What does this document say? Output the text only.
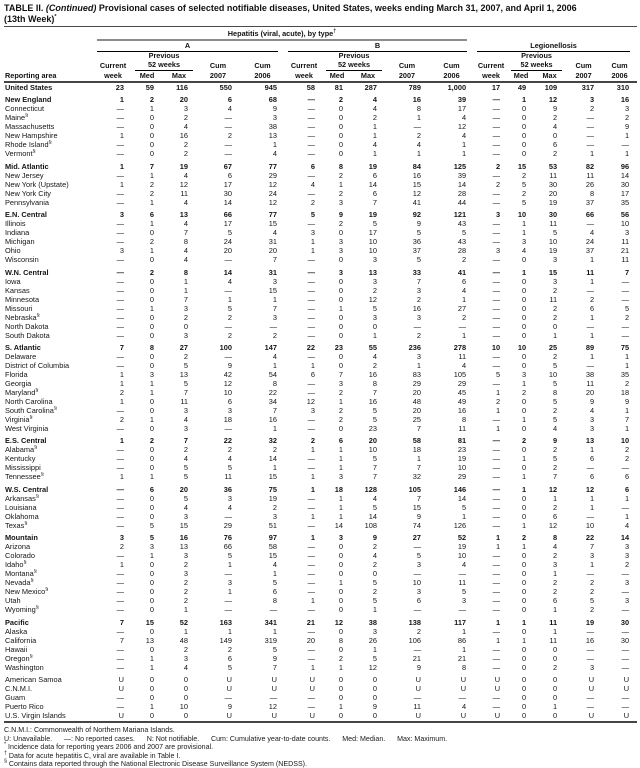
TABLE II. (Continued) Provisional cases of selected notifiable diseases, United States, weeks ending March 31, 2007, and April 1, 2006
(13th Week)*

	Hepatitis (viral, acute), by type†

	A					B					Legionellosis				

		Previous					Previous					Previous			
	Current	52 weeks		Cum	Cum	Current	52 weeks		Cum	Cum	Current	52 weeks		Cum	Cum
Reporting area	week	Med	Max	2007	2006	week	Med	Max	2007	2006	week	Med	Max	2007	2006
United States	23	59	116	550	945	58	81	287	789	1,000	17	49	109	317	310
New England	1	2	20	6	68	—	2	4	16	39	—	1	12	3	16
Connecticut	—	1	3	4	9	—	0	4	8	17	—	0	9	2	3
Maine§	—	0	2	—	3	—	0	2	1	4	—	0	2	—	2
Massachusetts	—	0	4	—	38	—	0	1	—	12	—	0	4	—	9
New Hampshire	1	0	16	2	13	—	0	1	2	4	—	0	0	—	1
Rhode Island§	—	0	2	—	1	—	0	4	4	1	—	0	6	—	—
Vermont§	—	0	2	—	4	—	0	1	1	1	—	0	2	1	1
Mid. Atlantic	1	7	19	67	77	6	8	19	84	125	2	15	53	82	96
New Jersey	—	1	4	6	29	—	2	6	16	39	—	2	11	11	14
New York (Upstate)	1	2	12	17	12	4	1	14	15	14	2	5	30	26	30
New York City	—	2	11	30	24	—	2	6	12	28	—	2	20	8	17
Pennsylvania	—	1	4	14	12	2	3	7	41	44	—	5	19	37	35
E.N. Central	3	6	13	66	77	5	9	19	92	121	3	10	30	66	56
Illinois	—	1	4	17	15	—	2	5	9	43	—	1	11	—	10
Indiana	—	0	7	5	4	3	0	17	5	5	—	1	5	4	3
Michigan	—	2	8	24	31	1	3	10	36	43	—	3	10	24	11
Ohio	3	1	4	20	20	1	3	10	37	28	3	4	19	37	21
Wisconsin	—	0	4	—	7	—	0	3	5	2	—	0	3	1	11
W.N. Central	—	2	8	14	31	—	3	13	33	41	—	1	15	11	7
Iowa	—	0	1	4	3	—	0	3	7	6	—	0	3	1	—
Kansas	—	0	1	—	15	—	0	2	3	4	—	0	2	—	—
Minnesota	—	0	7	1	1	—	0	12	2	1	—	0	11	2	—
Missouri	—	1	3	5	7	—	1	5	16	27	—	0	2	6	5
Nebraska§	—	0	2	2	3	—	0	3	3	2	—	0	2	1	2
North Dakota	—	0	0	—	—	—	0	0	—	—	—	0	0	—	—
South Dakota	—	0	3	2	2	—	0	1	2	1	—	0	1	1	—
S. Atlantic	7	8	27	100	147	22	23	55	236	278	10	10	25	89	75
Delaware	—	0	2	—	4	—	0	4	3	11	—	0	2	1	1
District of Columbia	—	0	5	9	1	1	0	2	1	4	—	0	5	—	1
Florida	1	3	13	42	54	6	7	16	83	105	5	3	10	38	35
Georgia	1	1	5	12	8	—	3	8	29	29	—	1	5	11	2
Maryland§	2	1	7	10	22	—	2	7	20	45	1	2	8	20	18
North Carolina	1	0	11	6	34	12	1	16	48	49	2	0	5	9	9
South Carolina§	—	0	3	3	7	3	2	5	20	16	1	0	2	4	1
Virginia§	2	1	4	18	16	—	2	5	25	8	—	1	5	3	7
West Virginia	—	0	3	—	1	—	0	23	7	11	1	0	4	3	1
E.S. Central	1	2	7	22	32	2	6	20	58	81	—	2	9	13	10
Alabama§	—	0	2	2	2	1	1	10	18	23	—	0	2	1	2
Kentucky	—	0	4	4	14	—	1	5	1	19	—	1	5	6	2
Mississippi	—	0	5	5	1	—	1	7	7	10	—	0	2	—	—
Tennessee§	1	1	5	11	15	1	3	7	32	29	—	1	7	6	6
W.S. Central	—	6	20	36	75	1	18	128	105	146	—	1	12	12	6
Arkansas§	—	0	5	3	19	—	1	4	7	14	—	0	1	1	1
Louisiana	—	0	4	4	2	—	1	5	15	5	—	0	2	1	—
Oklahoma	—	0	3	—	3	1	1	14	9	1	—	0	6	—	1
Texas§	—	5	15	29	51	—	14	108	74	126	—	1	12	10	4
Mountain	3	5	16	76	97	1	3	9	27	52	1	2	8	22	14
Arizona	2	3	13	66	58	—	0	2	—	19	1	1	4	7	3
Colorado	—	1	3	5	15	—	0	4	5	10	—	0	2	3	3
Idaho§	1	0	2	1	4	—	0	2	3	4	—	0	3	1	2
Montana§	—	0	3	—	1	—	0	0	—	—	—	0	1	—	—
Nevada§	—	0	2	3	5	—	1	5	10	11	—	0	2	2	3
New Mexico§	—	0	2	1	6	—	0	2	3	5	—	0	2	2	—
Utah	—	0	2	—	8	1	0	5	6	3	—	0	6	5	3
Wyoming§	—	0	1	—	—	—	0	1	—	—	—	0	1	2	—
Pacific	7	15	52	163	341	21	12	38	138	117	1	1	11	19	30
Alaska	—	0	1	1	1	—	0	3	2	1	—	0	1	—	—
California	7	13	48	149	319	20	8	26	106	86	1	1	11	16	30
Hawaii	—	0	2	2	5	—	0	1	—	1	—	0	0	—	—
Oregon§	—	1	3	6	9	—	2	5	21	21	—	0	0	—	—
Washington	—	1	4	5	7	1	1	12	9	8	—	0	2	3	—
American Samoa	U	0	0	U	U	U	0	0	U	U	U	0	0	U	U
C.N.M.I.	U	0	0	U	U	U	0	0	U	U	U	0	0	U	U
Guam	—	0	0	—	—	—	0	0	—	—	—	0	0	—	—
Puerto Rico	—	1	10	9	12	—	1	9	11	4	—	0	1	—	—
U.S. Virgin Islands	U	0	0	U	U	U	0	0	U	U	U	0	0	U	U
C.N.M.I.: Commonwealth of Northern Mariana Islands.
U: Unavailable.      —: No reported cases.      N: Not notifiable.      Cum: Cumulative year-to-date counts.      Med: Median.      Max: Maximum.
* Incidence data for reporting years 2006 and 2007 are provisional.
† Data for acute hepatitis C, viral are available in Table I.
§ Contains data reported through the National Electronic Disease Surveillance System (NEDSS).
